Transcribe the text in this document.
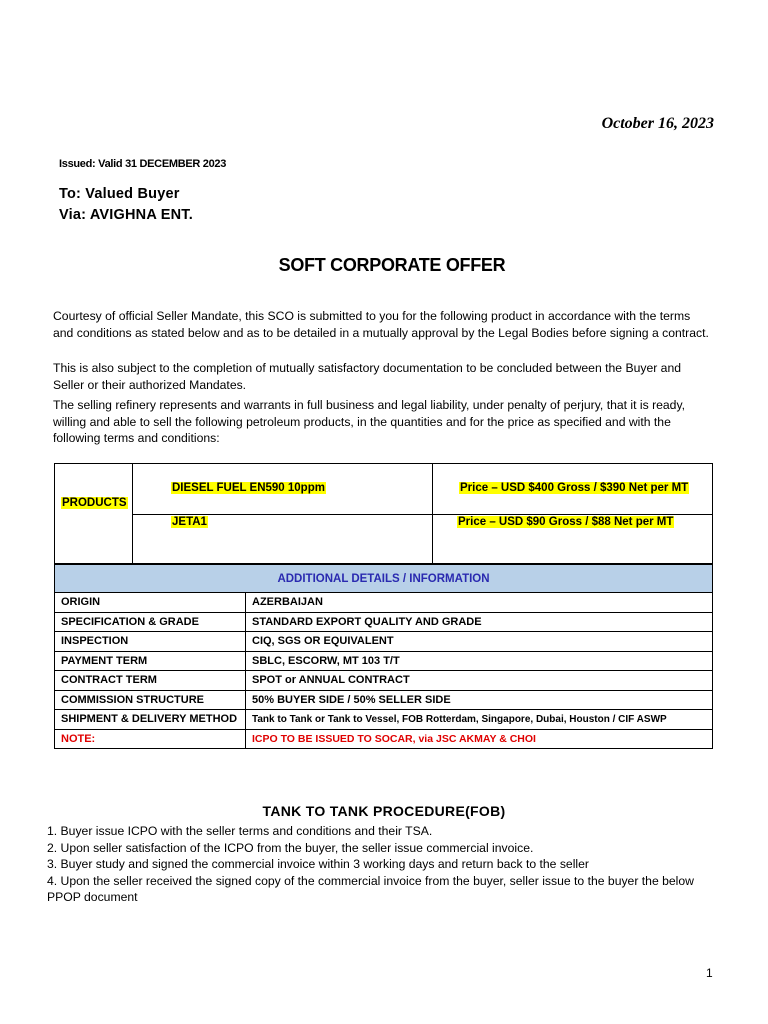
October 16, 2023
Issued: Valid 31 DECEMBER 2023
To: Valued Buyer
Via: AVIGHNA ENT.
SOFT CORPORATE OFFER
Courtesy of official Seller Mandate, this SCO is submitted to you for the following product in accordance with the terms and conditions as stated below and as to be detailed in a mutually approval by the Legal Bodies before signing a contract.
This is also subject to the completion of mutually satisfactory documentation to be concluded between the Buyer and Seller or their authorized Mandates.
The selling refinery represents and warrants in full business and legal liability, under penalty of perjury, that it is ready, willing and able to sell the following petroleum products, in the quantities and for the price as specified and with the following terms and conditions:
PRODUCTS
DIESEL FUEL EN590 10ppm	Price – USD $400 Gross / $390 Net per MT
JETA1	Price – USD $90 Gross / $88 Net per MT
ADDITIONAL DETAILS / INFORMATION	
ORIGIN	AZERBAIJAN
SPECIFICATION & GRADE	STANDARD EXPORT QUALITY AND GRADE
INSPECTION	CIQ, SGS OR EQUIVALENT
PAYMENT TERM	SBLC, ESCORW, MT 103 T/T
CONTRACT TERM	SPOT or ANNUAL CONTRACT
COMMISSION STRUCTURE	50% BUYER SIDE / 50% SELLER SIDE
SHIPMENT & DELIVERY METHOD	Tank to Tank or Tank to Vessel, FOB Rotterdam, Singapore, Dubai, Houston / CIF ASWP
NOTE:	ICPO TO BE ISSUED TO SOCAR, via JSC AKMAY & CHOI
TANK TO TANK PROCEDURE(FOB)
1. Buyer issue ICPO with the seller terms and conditions and their TSA.
2. Upon seller satisfaction of the ICPO from the buyer, the seller issue commercial invoice.
3. Buyer study and signed the commercial invoice within 3 working days and return back to the seller
4. Upon the seller received the signed copy of the commercial invoice from the buyer, seller issue to the buyer the below PPOP document
1
